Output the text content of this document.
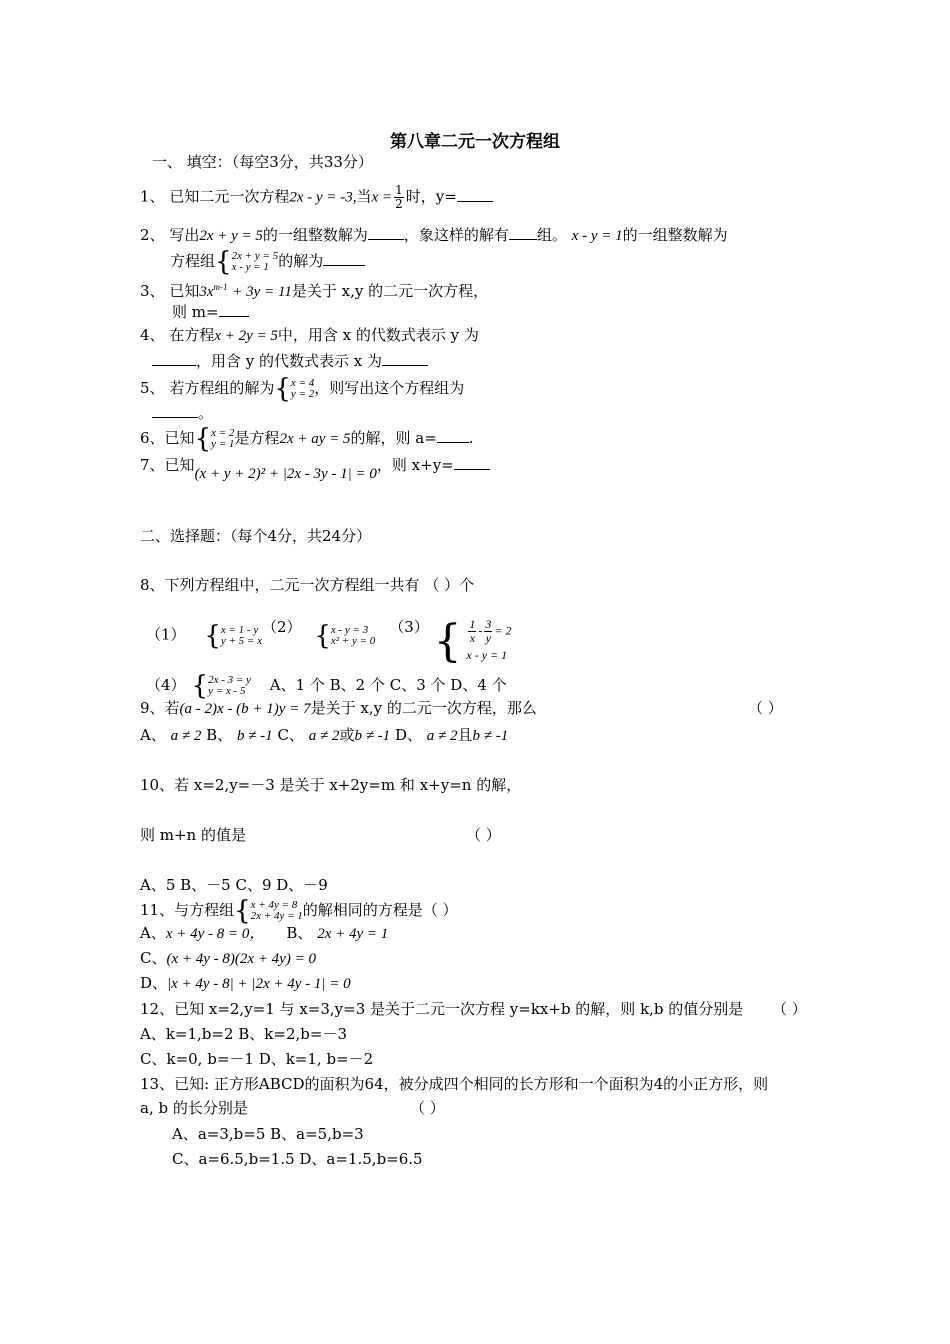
第八章二元一次方程组
一、 填空：（每空3分，共33分）
1、 已知二元一次方程2x - y = -3,当$x = \frac{1}{2}$ 时，y=
2、 写出2x + y = 5的一组整数解为 ，象这样的解有 组。 x - y = 1的一组整数解为
方程组{ 2x + y = 5
x - y = 1 的解为
3、 已知$3x^{m-1} + 3y = 11$是关于 x,y 的二元一次方程，
则 m=
4、 在方程x + 2y = 5中，用含 x 的代数式表示 y 为
，用含 y 的代数式表示 x 为
5、 若方程组的解为{ x = 4
y = 2 ，则写出这个方程组为
。
6、已知{ x = 2
y = 1 是方程2x + ay = 5的解，则 a= .
7、已知(x + y + 2)² + |2x - 3y - 1| = 0，则 x+y=
二、选择题：（每个4分，共24分）
8、下列方程组中，二元一次方程组一共有 （ ）个
（1） { x = 1 - y
y + 5 = x
（2） { x - y = 3
x² + y = 0
（3） { $\frac{1}{x} - \frac{3}{y} = 2$
x - y = 1
（4） { 2x - 3 = y
y = x - 5	A、1 个 B、2 个 C、3 个 D、4 个
9、若(a - 2)x - (b + 1)y = 7是关于 x,y 的二元一次方程，那么	（ ）
A、 a ≠ 2 B、 b ≠ -1 C、 a ≠ 2或b ≠ -1 D、 a ≠ 2且b ≠ -1
10、若 x=2,y=－3 是关于 x+2y=m 和 x+y=n 的解，
则 m+n 的值是	（ ）
A、5 B、－5 C、9 D、－9
11、与方程组{ x + 4y = 8
2x + 4y = 1 的解相同的方程是（ ）
A、x + 4y - 8 = 0， B、 2x + 4y = 1
C、(x + 4y - 8)(2x + 4y) = 0
D、|x + 4y - 8| + |2x + 4y - 1| = 0
12、已知 x=2,y=1 与 x=3,y=3 是关于二元一次方程 y=kx+b 的解，则 k,b 的值分别是 （ ）
A、k=1,b=2 B、k=2,b=－3
C、k=0, b=－1 D、k=1, b=－2
13、已知: 正方形ABCD的面积为64，被分成四个相同的长方形和一个面积为4的小正方形，则
a, b 的长分别是	（ ）
A、a=3,b=5 B、a=5,b=3
C、a=6.5,b=1.5 D、a=1.5,b=6.5
